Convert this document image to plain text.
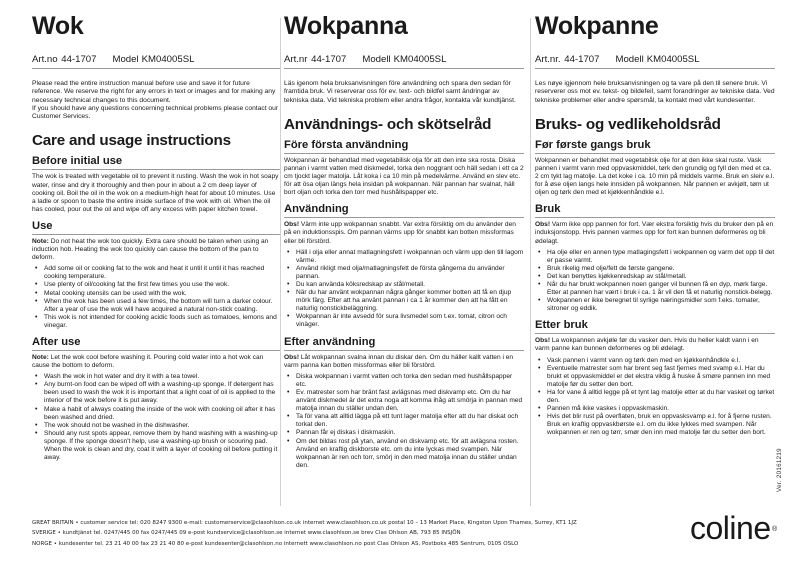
Wok
Art.no 44-1707 Model KM04005SL

Please read the entire instruction manual before use and save it for future reference. We reserve the right for any errors in text or images and for making any necessary technical changes to this document.
If you should have any questions concerning technical problems please contact our Customer Services.

Care and usage instructions
Before initial use

The wok is treated with vegetable oil to prevent it rusting. Wash the wok in hot soapy water, rinse and dry it thoroughly and then pour in about a 2 cm deep layer of cooking oil. Boil the oil in the wok on a medium-high heat for about 10 minutes. Use a ladle or spoon to baste the entire inside surface of the wok with oil. When the oil has cooled, pour out the oil and wipe off any excess with paper kitchen towel.

Use

Note: Do not heat the wok too quickly. Extra care should be taken when using an induction hob. Heating the wok too quickly can cause the bottom of the pan to deform.

• Add some oil or cooking fat to the wok and heat it until it until it has reached cooking temperature.
• Use plenty of oil/cooking fat the first few times you use the wok.
• Metal cooking utensils can be used with the wok.
• When the wok has been used a few times, the bottom will turn a darker colour. After a year of use the wok will have acquired a natural non-stick coating.
• This wok is not intended for cooking acidic foods such as tomatoes, lemons and vinegar.
After use

Note: Let the wok cool before washing it. Pouring cold water into a hot wok can cause the bottom to deform.

• Wash the wok in hot water and dry it with a tea towel.
• Any burnt-on food can be wiped off with a washing-up sponge. If detergent has been used to wash the wok it is important that a light coat of oil is applied to the interior of the wok before it is put away.
• Make a habit of always coating the inside of the wok with cooking oil after it has been washed and dried.
• The wok should not be washed in the dishwasher.
• Should any rust spots appear, remove them by hand washing with a washing-up sponge. If the sponge doesn't help, use a washing-up brush or scouring pad. When the wok is clean and dry, coat it with a layer of cooking oil before putting it away.
Wokpanna
Art.nr 44-1707 Modell KM04005SL

Läs igenom hela bruksanvisningen före användning och spara den sedan för framtida bruk. Vi reserverar oss för ev. text- och bildfel samt ändringar av tekniska data. Vid tekniska problem eller andra frågor, kontakta vår kundtjänst.

Användnings- och skötselråd
Före första användning

Wokpannan är behandlad med vegetabilisk olja för att den inte ska rosta. Diska pannan i varmt vatten med diskmedel, torka den noggrant och häll sedan i ett ca 2 cm tjockt lager matolja. Låt koka i ca 10 min på medelvärme. Använd en slev etc. för att ösa oljan längs hela insidan på wokpannan. När pannan har svalnat, häll bort oljan och torka den torr med hushållspapper etc.

Användning

Obs! Värm inte upp wokpannan snabbt. Var extra försiktig om du använder den på en induktionsspis. Om pannan värms upp för snabbt kan botten missformas eller bli förstörd.

• Häll i olja eller annat matlagningsfett i wokpannan och värm upp den till lagom värme.
• Använd rikligt med olja/matlagningsfett de första gångerna du använder pannan.
• Du kan använda köksredskap av stål/metall.
• När du har använt wokpannan några gånger kommer botten att få en djup mörk färg. Efter att ha använt pannan i ca 1 år kommer den att ha fått en naturlig nonstickbeläggning.
• Wokpannan är inte avsedd för sura livsmedel som t.ex. tomat, citron och vinäger.
Efter användning

Obs! Låt wokpannan svalna innan du diskar den. Om du häller kallt vatten i en varm panna kan botten missformas eller bli förstörd.

• Diska wokpannan i varmt vatten och torka den sedan med hushållspapper etc.
• Ev. matrester som har bränt fast avlägsnas med diskvamp etc. Om du har använt diskmedel är det extra noga att komma ihåg att smörja in pannan med matolja innan du ställer undan den.
• Ta för vana att alltid lägga på ett tunt lager matolja efter att du har diskat och torkat den.
• Pannan får ej diskas i diskmaskin.
• Om det bildas rost på ytan, använd en diskvamp etc. för att avlägsna rosten. Använd en kraftig diskborste etc. om du inte lyckas med svampen. När wokpannan är ren och torr, smörj in den med matolja innan du ställer undan den.
Wokpanne
Art.nr. 44-1707 Modell KM04005SL

Les nøye igjennom hele bruksanvisningen og ta vare på den til senere bruk. Vi reserverer oss mot ev. tekst- og bildefeil, samt forandringer av tekniske data. Ved tekniske problemer eller andre spørsmål, ta kontakt med vårt kundesenter.

Bruks- og vedlikeholdsråd
Før første gangs bruk

Wokpannen er behandlet med vegetabilsk olje for at den ikke skal ruste. Vask pannen i varmt vann med oppvaskmiddel, tørk den grundig og fyll den med et ca. 2 cm tykt lag matolje. La det koke i ca. 10 min på middels varme. Bruk en sleiv e.l. for å øse oljen langs hele innsiden på wokpannen. Når pannen er avkjølt, tøm ut oljen og tørk den med et kjøkkenhåndkle e.l.

Bruk

Obs! Varm ikke opp pannen for fort. Vær ekstra forsiktig hvis du bruker den på en induksjonstopp. Hvis pannen varmes opp for fort kan bunnen deformeres og bli ødelagt.

• Ha olje eller en annen type matlagingsfett i wokpannen og varm det opp til det er passe varmt.
• Bruk rikelig med olje/fett de første gangene.
• Det kan benyttes kjøkkenredskap av stål/metall.
• Når du har brukt wokpannen noen ganger vil bunnen få en dyp, mørk farge. Etter at pannen har vært i bruk i ca. 1 år vil den få et naturlig nonstick-belegg.
• Wokpannen er ikke beregnet til syrlige næringsmidler som f.eks. tomater, sitroner og eddik.
Etter bruk

Obs! La wokpannen avkjøle før du vasker den. Hvis du heller kaldt vann i en varm panne kan bunnen deformeres og bli ødelagt.

• Vask pannen i varmt vann og tørk den med en kjøkkenhåndkle e.l.
• Eventuelle matrester som har brent seg fast fjernes med svamp e.l. Har du brukt et oppvaskmiddel er det ekstra viktig å huske å smøre pannen inn med matolje før du setter den bort.
• Ha for vane å alltid legge på et tynt lag matolje etter at du har vasket og tørket den.
• Pannen må ikke vaskes i oppvaskmaskin.
• Hvis det blir rust på overflaten, bruk en oppvasksvamp e.l. for å fjerne rusten. Bruk en kraftig oppvaskbørste e.l. om du ikke lykkes med svampen. Når wokpannen er ren og tørr, smør den inn med matolje før du setter den bort.
Ver. 20161219
GREAT BRITAIN • customer service tel: 020 8247 9300 e-mail: customerservice@clasohlson.co.uk internet www.clasohlson.co.uk postal 10 – 13 Market Place, Kingston Upon Thames, Surrey, KT1 1JZ
SVERIGE • kundtjänst tel. 0247/445 00 fax 0247/445 09 e-post kundservice@clasohlson.se internet www.clasohlson.se brev Clas Ohlson AB, 793 85 INSJÖN
NORGE • kundesenter tel. 23 21 40 00 fax 23 21 40 80 e-post kundesenter@clasohlson.no internett www.clasohlson.no post Clas Ohlson AS, Postboks 485 Sentrum, 0105 OSLO	coline ®
